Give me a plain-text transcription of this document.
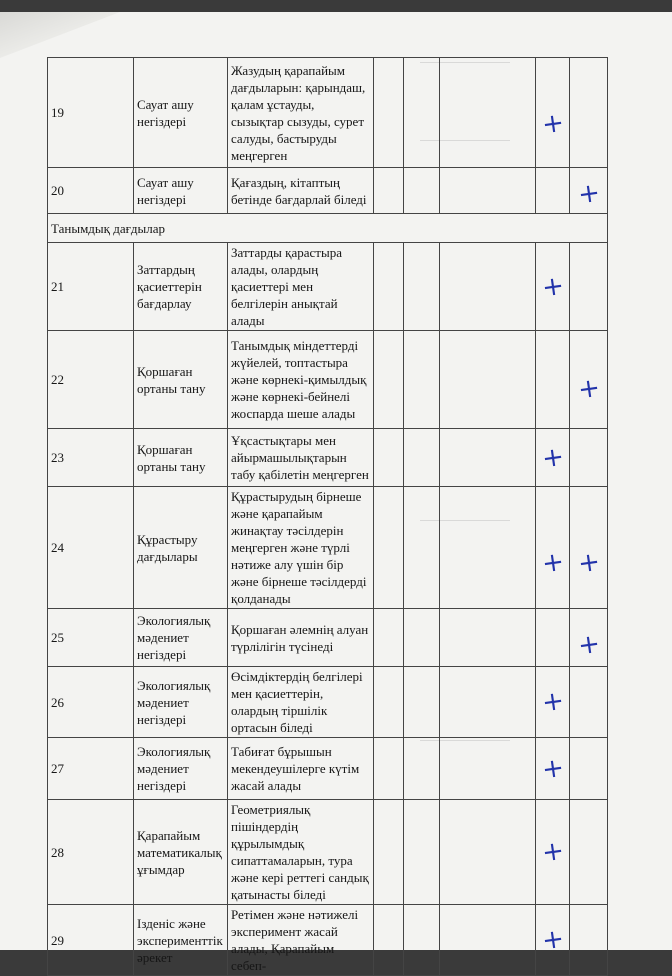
19	Сауат ашу негіздері	Жазудың қарапайым дағдыларын: қарындаш, қалам ұстауды, сызықтар сызуды, сурет салуды, бастыруды меңгерген				+	

20	Сауат ашу негіздері	Қағаздың, кітаптың бетінде бағдарлай біледі					+

Танымдық дағдылар							
21	Заттардың қасиеттерін бағдарлау	Заттарды қарастыра алады, олардың қасиеттері мен белгілерін анықтай алады				+	

22	Қоршаған ортаны тану	Танымдық міндеттерді жүйелей, топтастыра және көрнекі-қимылдық және көрнекі-бейнелі жоспарда шеше алады					+

23	Қоршаған ортаны тану	Ұқсастықтары мен айырмашылықтарын табу қабілетін меңгерген				+	

24	Құрастыру дағдылары	Құрастырудың бірнеше және қарапайым жинақтау тәсілдерін меңгерген және түрлі нәтиже алу үшін бір және бірнеше тәсілдерді қолданады				+	+

25	Экологиялық мәдениет негіздері	Қоршаған әлемнің алуан түрлілігін түсінеді					+

26	Экологиялық мәдениет негіздері	Өсімдіктердің белгілері мен қасиеттерін, олардың тіршілік ортасын біледі				+	

27	Экологиялық мәдениет негіздері	Табиғат бұрышын мекендеушілерге күтім жасай алады				+	

28	Қарапайым математикалық ұғымдар	Геометриялық пішіндердің құрылымдық сипаттамаларын, тура және кері реттегі сандық қатынасты біледі				+	

29	Ізденіс және эксперименттік әрекет	Ретімен және нәтижелі эксперимент жасай алады, Қарапайым себеп-				+	
